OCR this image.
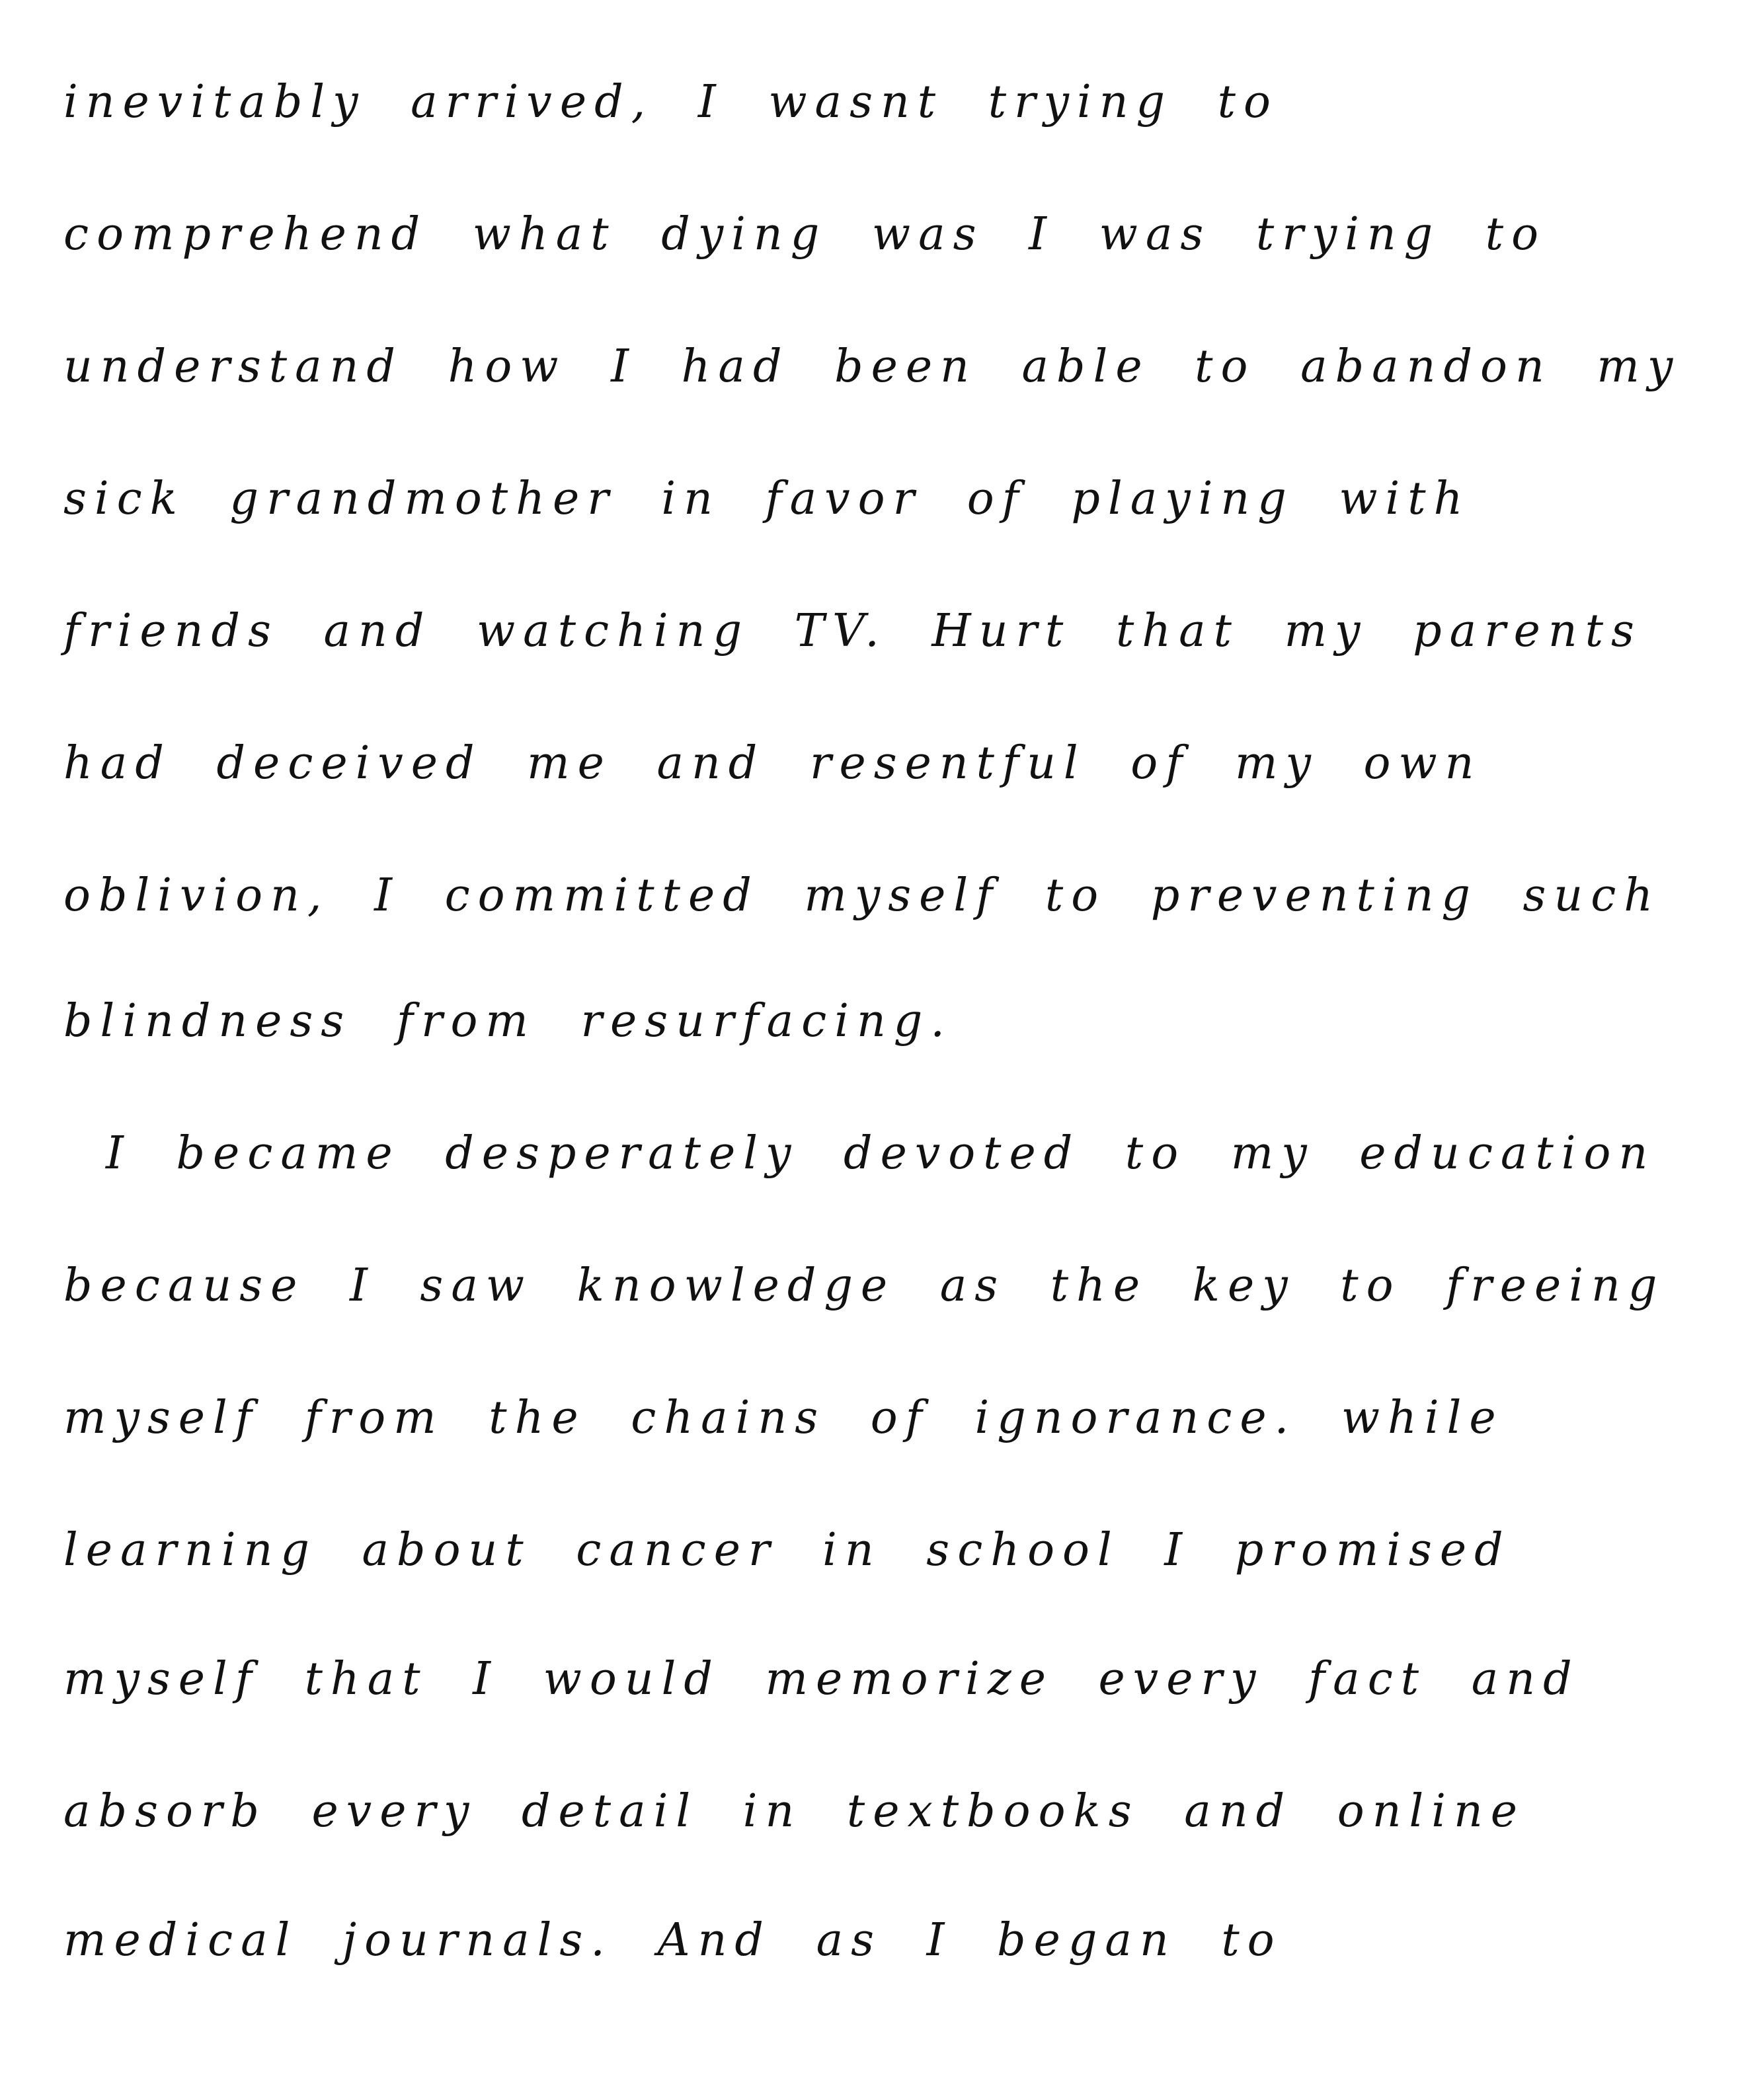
inevitably arrived, I wasnt trying to
comprehend what dying was I was trying to
understand how I had been able to abandon my
sick grandmother in favor of playing with
friends and watching TV. Hurt that my parents
had deceived me and resentful of my own
oblivion, I committed myself to preventing such
blindness from resurfacing.
I became desperately devoted to my education
because I saw knowledge as the key to freeing
myself from the chains of ignorance. while
learning about cancer in school I promised
myself that I would memorize every fact and
absorb every detail in textbooks and online
medical journals. And as I began to
